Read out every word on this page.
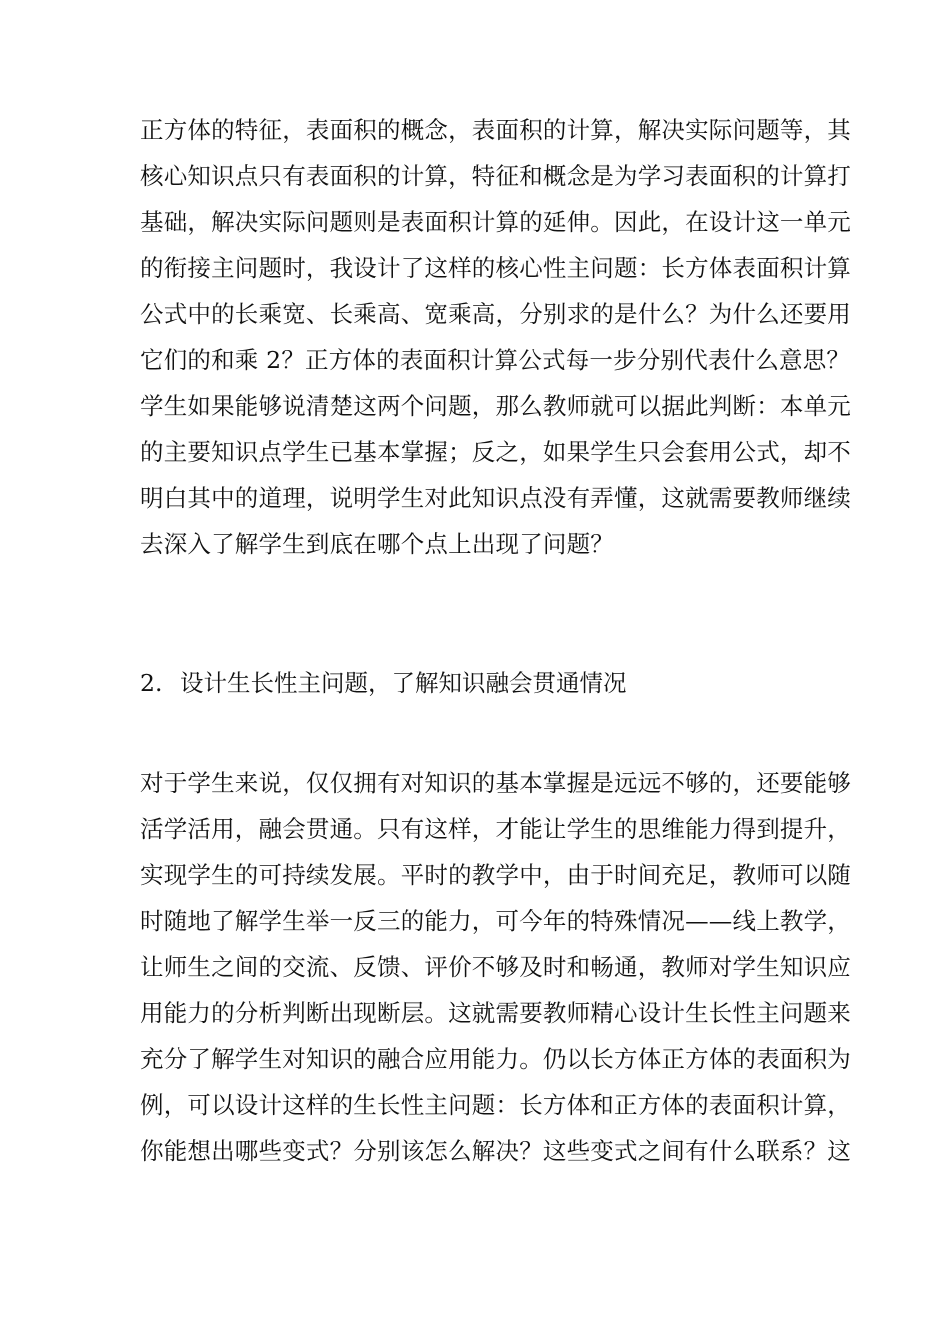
正方体的特征，表面积的概念，表面积的计算，解决实际问题等，其
核心知识点只有表面积的计算，特征和概念是为学习表面积的计算打
基础，解决实际问题则是表面积计算的延伸。因此，在设计这一单元
的衔接主问题时，我设计了这样的核心性主问题：长方体表面积计算
公式中的长乘宽、长乘高、宽乘高，分别求的是什么？为什么还要用
它们的和乘 2？正方体的表面积计算公式每一步分别代表什么意思？
学生如果能够说清楚这两个问题，那么教师就可以据此判断：本单元
的主要知识点学生已基本掌握；反之，如果学生只会套用公式，却不
明白其中的道理，说明学生对此知识点没有弄懂，这就需要教师继续
去深入了解学生到底在哪个点上出现了问题？
2. 设计生长性主问题，了解知识融会贯通情况
对于学生来说，仅仅拥有对知识的基本掌握是远远不够的，还要能够
活学活用，融会贯通。只有这样，才能让学生的思维能力得到提升，
实现学生的可持续发展。平时的教学中，由于时间充足，教师可以随
时随地了解学生举一反三的能力，可今年的特殊情况——线上教学，
让师生之间的交流、反馈、评价不够及时和畅通，教师对学生知识应
用能力的分析判断出现断层。这就需要教师精心设计生长性主问题来
充分了解学生对知识的融合应用能力。仍以长方体正方体的表面积为
例，可以设计这样的生长性主问题：长方体和正方体的表面积计算，
你能想出哪些变式？分别该怎么解决？这些变式之间有什么联系？这
